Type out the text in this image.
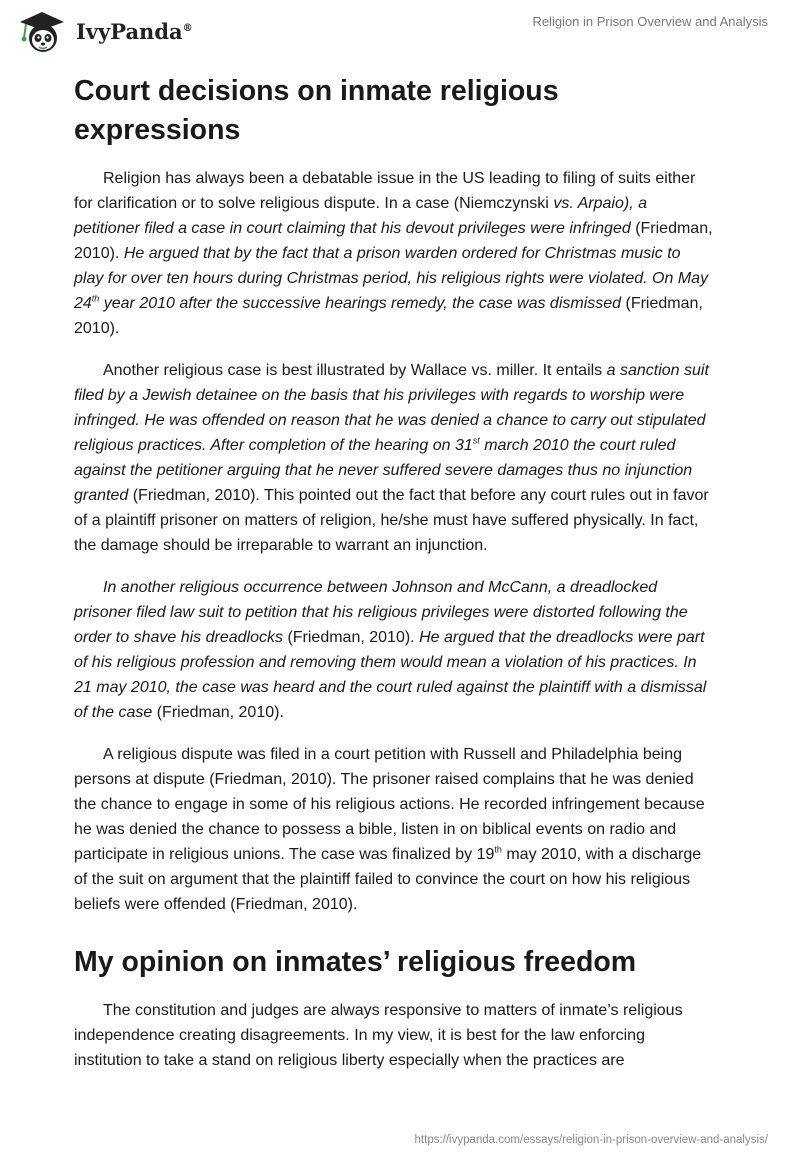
IvyPanda®	Religion in Prison Overview and Analysis
Court decisions on inmate religious
expressions

Religion has always been a debatable issue in the US leading to filing of suits either for clarification or to solve religious dispute. In a case (Niemczynski vs. Arpaio), a petitioner filed a case in court claiming that his devout privileges were infringed (Friedman, 2010). He argued that by the fact that a prison warden ordered for Christmas music to play for over ten hours during Christmas period, his religious rights were violated. On May 24th year 2010 after the successive hearings remedy, the case was dismissed (Friedman, 2010).

Another religious case is best illustrated by Wallace vs. miller. It entails a sanction suit filed by a Jewish detainee on the basis that his privileges with regards to worship were infringed. He was offended on reason that he was denied a chance to carry out stipulated religious practices. After completion of the hearing on 31st march 2010 the court ruled against the petitioner arguing that he never suffered severe damages thus no injunction granted (Friedman, 2010). This pointed out the fact that before any court rules out in favor of a plaintiff prisoner on matters of religion, he/she must have suffered physically. In fact, the damage should be irreparable to warrant an injunction.

In another religious occurrence between Johnson and McCann, a dreadlocked prisoner filed law suit to petition that his religious privileges were distorted following the order to shave his dreadlocks (Friedman, 2010). He argued that the dreadlocks were part of his religious profession and removing them would mean a violation of his practices. In 21 may 2010, the case was heard and the court ruled against the plaintiff with a dismissal of the case (Friedman, 2010).

A religious dispute was filed in a court petition with Russell and Philadelphia being persons at dispute (Friedman, 2010). The prisoner raised complains that he was denied the chance to engage in some of his religious actions. He recorded infringement because he was denied the chance to possess a bible, listen in on biblical events on radio and participate in religious unions. The case was finalized by 19th may 2010, with a discharge of the suit on argument that the plaintiff failed to convince the court on how his religious beliefs were offended (Friedman, 2010).

My opinion on inmates’ religious freedom

The constitution and judges are always responsive to matters of inmate’s religious independence creating disagreements. In my view, it is best for the law enforcing institution to take a stand on religious liberty especially when the practices are

https://ivypanda.com/essays/religion-in-prison-overview-and-analysis/
